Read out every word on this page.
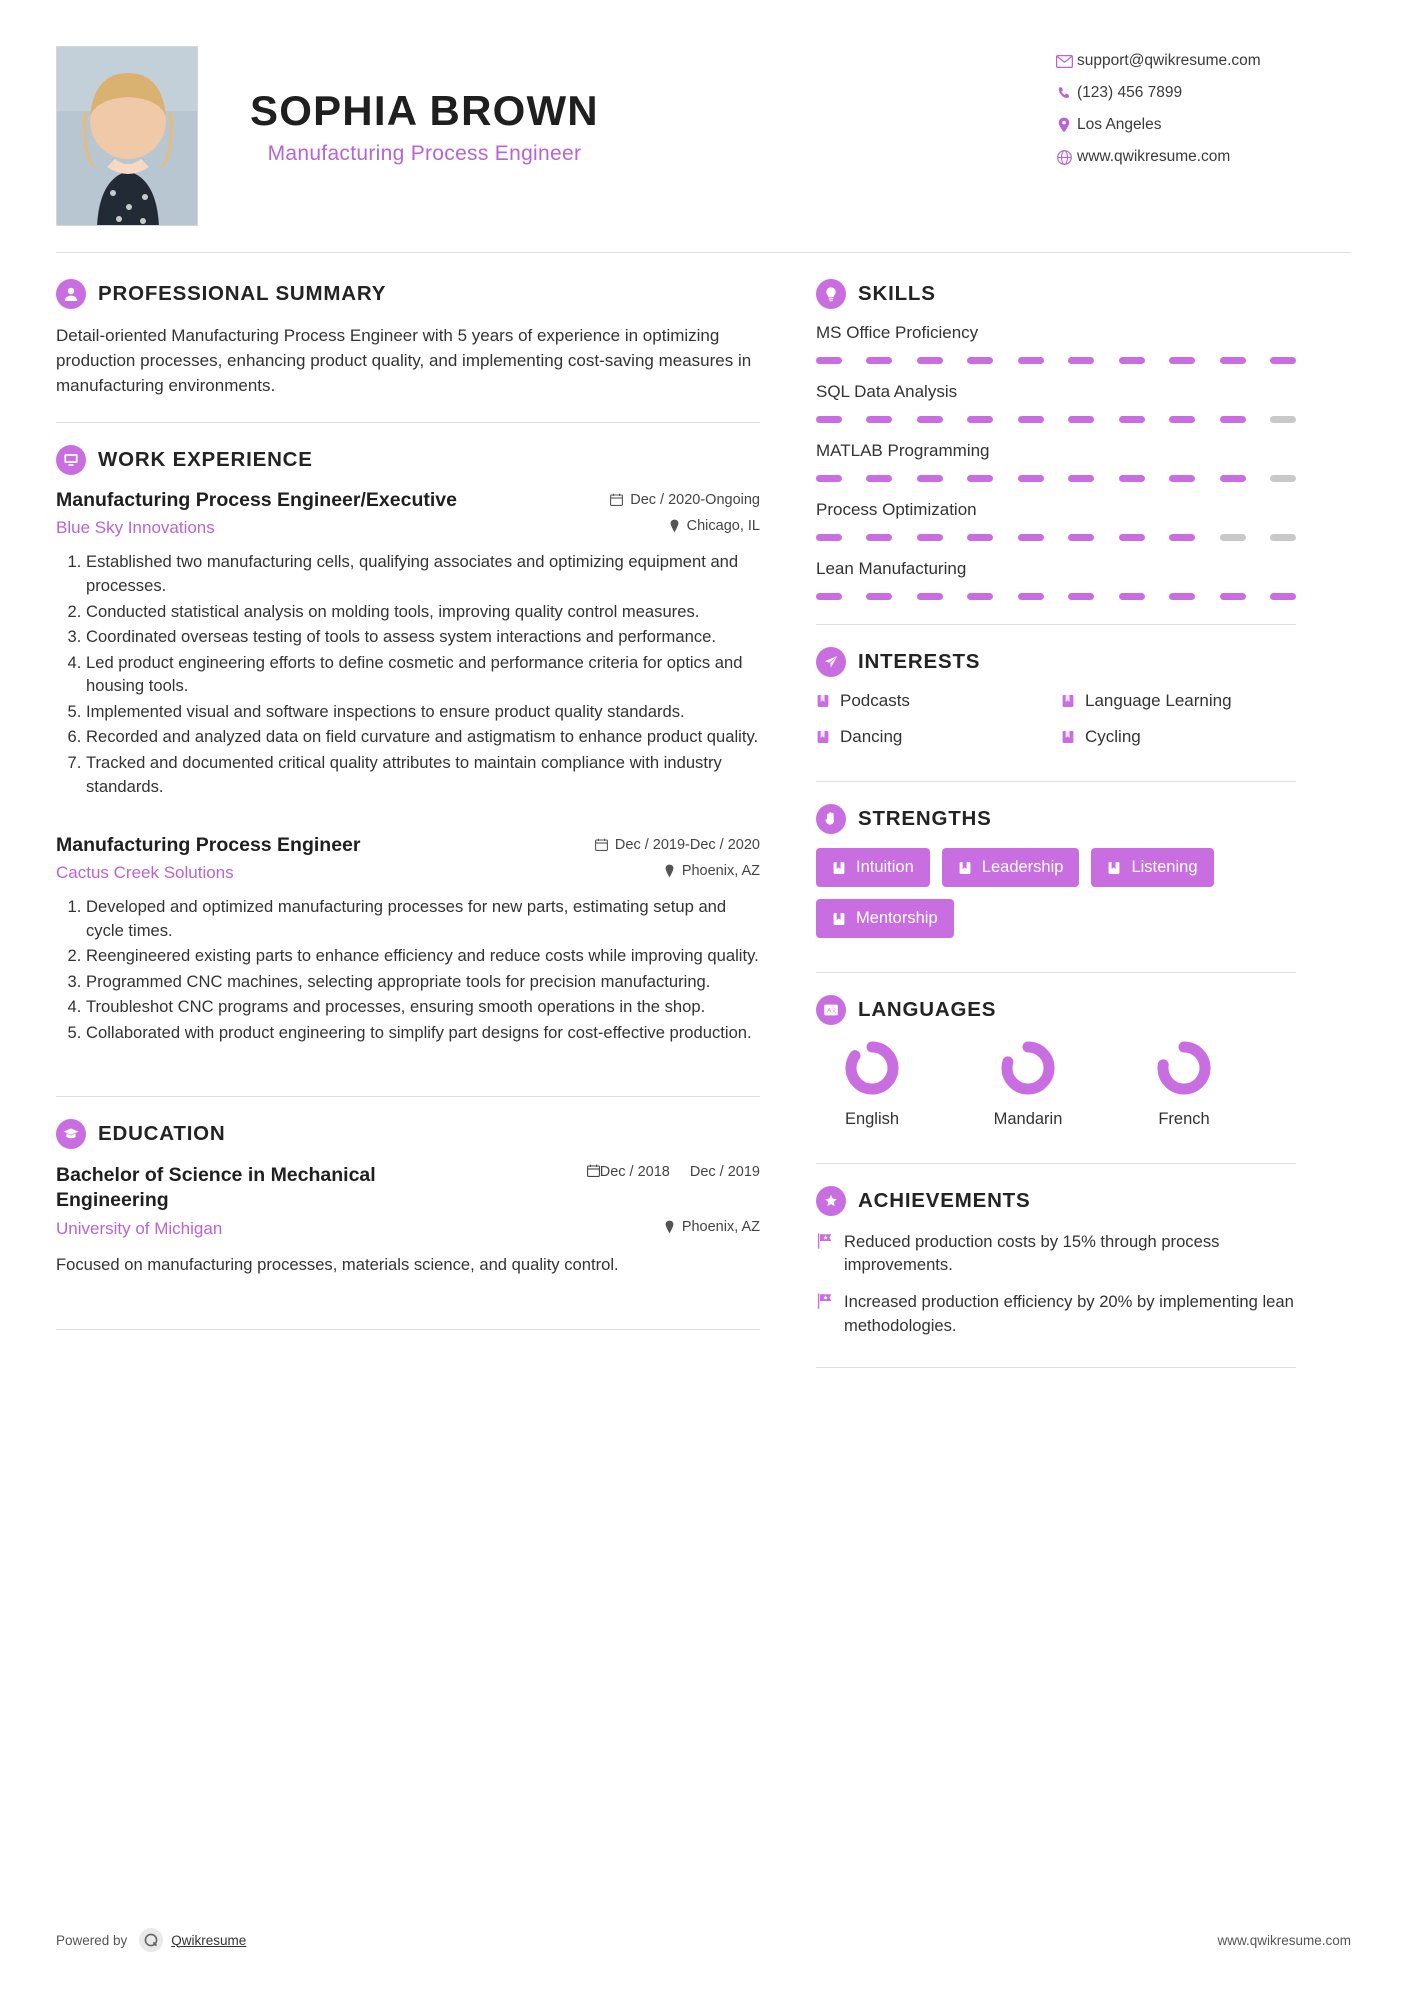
SOPHIA BROWN
Manufacturing Process Engineer
support@qwikresume.com
(123) 456 7899
Los Angeles
www.qwikresume.com
PROFESSIONAL SUMMARY
Detail-oriented Manufacturing Process Engineer with 5 years of experience in optimizing production processes, enhancing product quality, and implementing cost-saving measures in manufacturing environments.
WORK EXPERIENCE
Manufacturing Process Engineer/Executive	Dec / 2020-Ongoing
Blue Sky Innovations	Chicago, IL
1. Established two manufacturing cells, qualifying associates and optimizing equipment and processes.
2. Conducted statistical analysis on molding tools, improving quality control measures.
3. Coordinated overseas testing of tools to assess system interactions and performance.
4. Led product engineering efforts to define cosmetic and performance criteria for optics and housing tools.
5. Implemented visual and software inspections to ensure product quality standards.
6. Recorded and analyzed data on field curvature and astigmatism to enhance product quality.
7. Tracked and documented critical quality attributes to maintain compliance with industry standards.
Manufacturing Process Engineer	Dec / 2019-Dec / 2020
Cactus Creek Solutions	Phoenix, AZ
1. Developed and optimized manufacturing processes for new parts, estimating setup and cycle times.
2. Reengineered existing parts to enhance efficiency and reduce costs while improving quality.
3. Programmed CNC machines, selecting appropriate tools for precision manufacturing.
4. Troubleshot CNC programs and processes, ensuring smooth operations in the shop.
5. Collaborated with product engineering to simplify part designs for cost-effective production.
EDUCATION
Bachelor of Science in Mechanical Engineering
Dec / 2018 Dec / 2019
University of Michigan	Phoenix, AZ
Focused on manufacturing processes, materials science, and quality control.
SKILLS
MS Office Proficiency
SQL Data Analysis
MATLAB Programming
Process Optimization
Lean Manufacturing
INTERESTS
Podcasts	Language Learning
Dancing	Cycling
STRENGTHS
Intuition	Leadership	Listening
Mentorship
A 文 LANGUAGES
English	Mandarin	French
ACHIEVEMENTS
Reduced production costs by 15% through process improvements.
Increased production efficiency by 20% by implementing lean methodologies.
Powered by	Qwikresume	www.qwikresume.com
